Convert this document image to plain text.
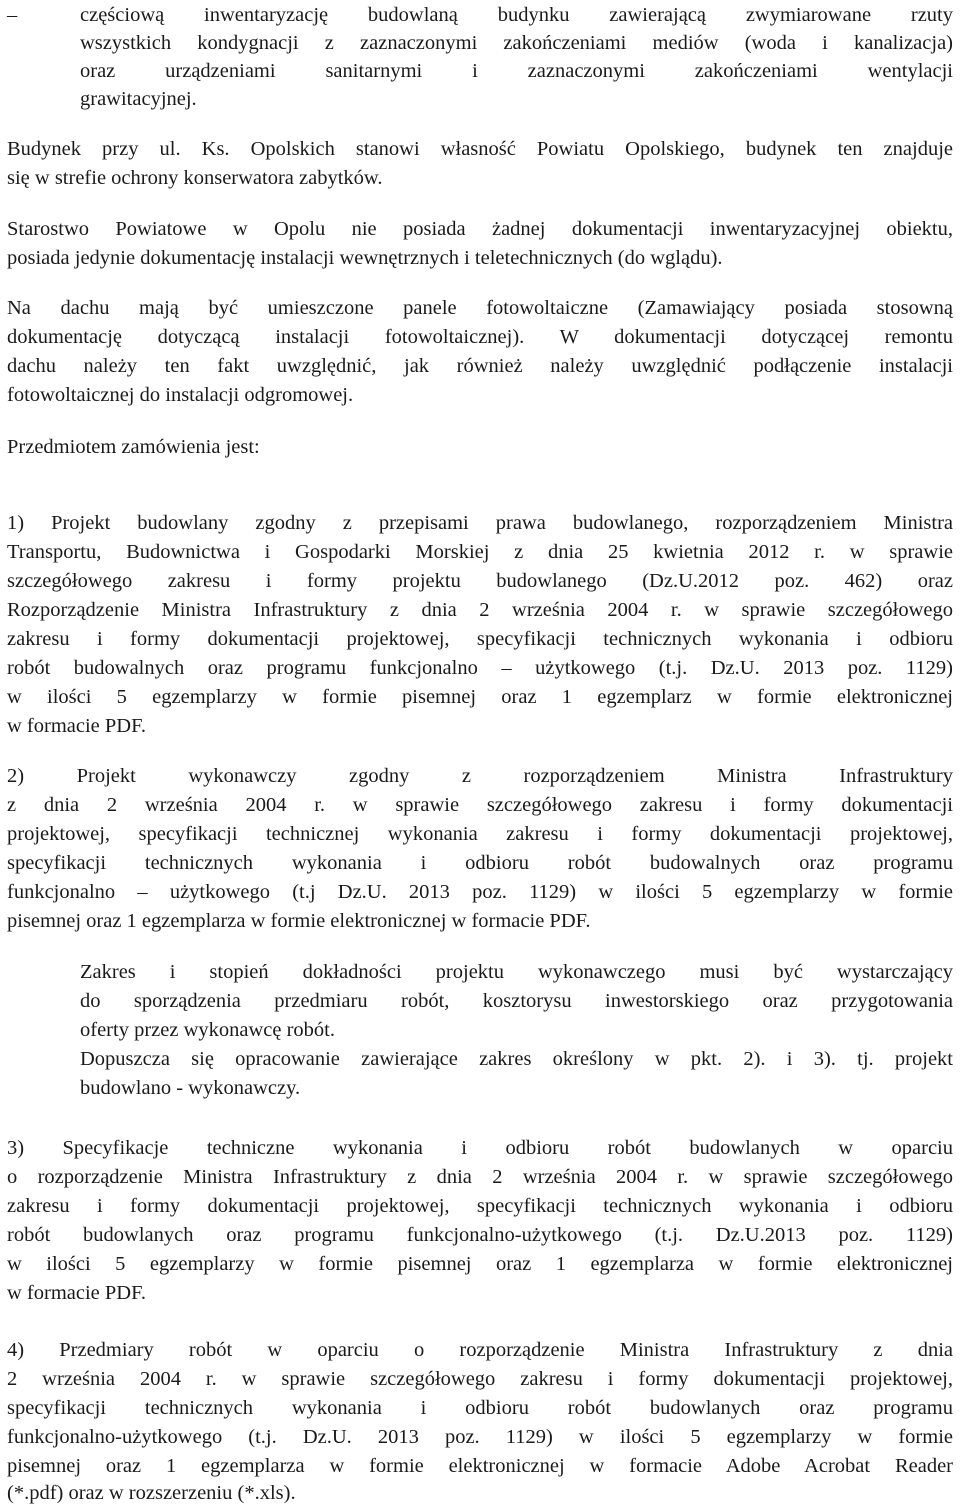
–	częściową inwentaryzację budowlaną budynku zawierającą zwymiarowane rzuty
wszystkich kondygnacji z zaznaczonymi zakończeniami mediów (woda i kanalizacja)
oraz urządzeniami sanitarnymi i zaznaczonymi zakończeniami wentylacji
grawitacyjnej.
Budynek przy ul. Ks. Opolskich stanowi własność Powiatu Opolskiego, budynek ten znajduje
się w strefie ochrony konserwatora zabytków.
Starostwo Powiatowe w Opolu nie posiada żadnej dokumentacji inwentaryzacyjnej obiektu,
posiada jedynie dokumentację instalacji wewnętrznych i teletechnicznych (do wglądu).
Na dachu mają być umieszczone panele fotowoltaiczne (Zamawiający posiada stosowną
dokumentację dotyczącą instalacji fotowoltaicznej). W dokumentacji dotyczącej remontu
dachu należy ten fakt uwzględnić, jak również należy uwzględnić podłączenie instalacji
fotowoltaicznej do instalacji odgromowej.
Przedmiotem zamówienia jest:
1) Projekt budowlany zgodny z przepisami prawa budowlanego, rozporządzeniem Ministra
Transportu, Budownictwa i Gospodarki Morskiej z dnia 25 kwietnia 2012 r. w sprawie
szczegółowego zakresu i formy projektu budowlanego (Dz.U.2012 poz. 462) oraz
Rozporządzenie Ministra Infrastruktury z dnia 2 września 2004 r. w sprawie szczegółowego
zakresu i formy dokumentacji projektowej, specyfikacji technicznych wykonania i odbioru
robót budowalnych oraz programu funkcjonalno – użytkowego (t.j. Dz.U. 2013 poz. 1129)
w ilości 5 egzemplarzy w formie pisemnej oraz 1 egzemplarz w formie elektronicznej
w formacie PDF.
2) Projekt wykonawczy zgodny z rozporządzeniem Ministra Infrastruktury
z dnia 2 września 2004 r. w sprawie szczegółowego zakresu i formy dokumentacji
projektowej, specyfikacji technicznej wykonania zakresu i formy dokumentacji projektowej,
specyfikacji technicznych wykonania i odbioru robót budowalnych oraz programu
funkcjonalno – użytkowego (t.j Dz.U. 2013 poz. 1129) w ilości 5 egzemplarzy w formie
pisemnej oraz 1 egzemplarza w formie elektronicznej w formacie PDF.
Zakres i stopień dokładności projektu wykonawczego musi być wystarczający
do sporządzenia przedmiaru robót, kosztorysu inwestorskiego oraz przygotowania
oferty przez wykonawcę robót.
Dopuszcza się opracowanie zawierające zakres określony w pkt. 2). i 3). tj. projekt
budowlano - wykonawczy.
3) Specyfikacje techniczne wykonania i odbioru robót budowlanych w oparciu
o rozporządzenie Ministra Infrastruktury z dnia 2 września 2004 r. w sprawie szczegółowego
zakresu i formy dokumentacji projektowej, specyfikacji technicznych wykonania i odbioru
robót budowlanych oraz programu funkcjonalno-użytkowego (t.j. Dz.U.2013 poz. 1129)
w ilości 5 egzemplarzy w formie pisemnej oraz 1 egzemplarza w formie elektronicznej
w formacie PDF.
4) Przedmiary robót w oparciu o rozporządzenie Ministra Infrastruktury z dnia
2 września 2004 r. w sprawie szczegółowego zakresu i formy dokumentacji projektowej,
specyfikacji technicznych wykonania i odbioru robót budowlanych oraz programu
funkcjonalno-użytkowego (t.j. Dz.U. 2013 poz. 1129) w ilości 5 egzemplarzy w formie
pisemnej oraz 1 egzemplarza w formie elektronicznej w formacie Adobe Acrobat Reader
(*.pdf) oraz w rozszerzeniu (*.xls).
